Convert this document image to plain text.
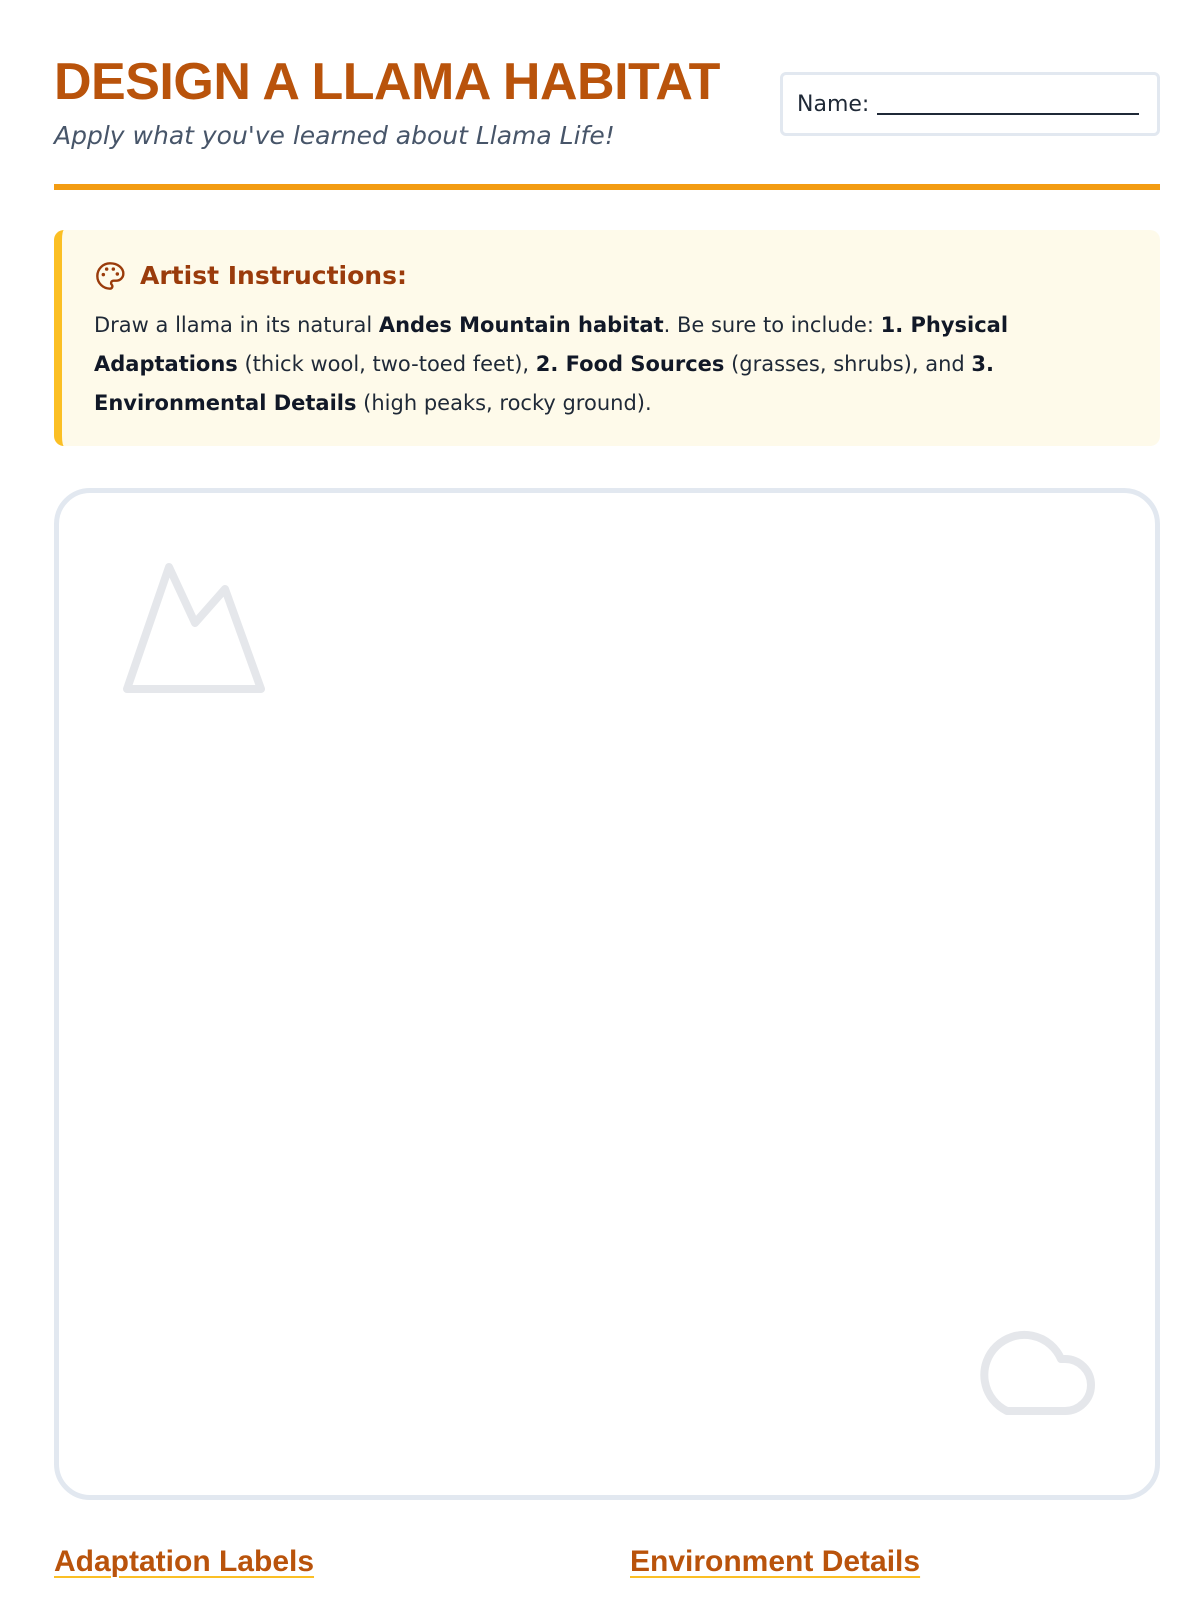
DESIGN A LLAMA HABITAT

Apply what you've learned about Llama Life!

Name:
Artist Instructions:
Draw a llama in its natural Andes Mountain habitat. Be sure to include: 1. Physical Adaptations (thick wool, two-toed feet), 2. Food Sources (grasses, shrubs), and 3. Environmental Details (high peaks, rocky ground).
Adaptation Labels	Environment Details
